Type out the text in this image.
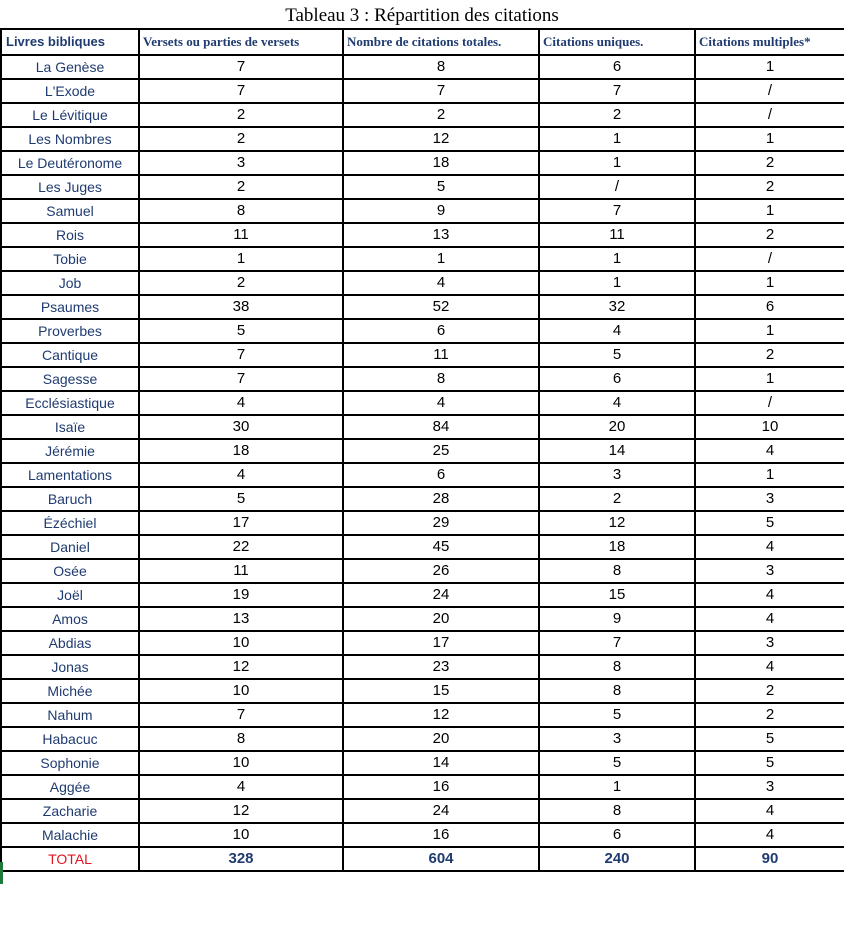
Tableau 3 : Répartition des citations
Livres bibliques	Versets ou parties de versets	Nombre de citations totales.	Citations uniques.	Citations multiples*
La Genèse	7	8	6	1
L'Exode	7	7	7	/
Le Lévitique	2	2	2	/
Les Nombres	2	12	1	1
Le Deutéronome	3	18	1	2
Les Juges	2	5	/	2
Samuel	8	9	7	1
Rois	11	13	11	2
Tobie	1	1	1	/
Job	2	4	1	1
Psaumes	38	52	32	6
Proverbes	5	6	4	1
Cantique	7	11	5	2
Sagesse	7	8	6	1
Ecclésiastique	4	4	4	/
Isaïe	30	84	20	10
Jérémie	18	25	14	4
Lamentations	4	6	3	1
Baruch	5	28	2	3
Ézéchiel	17	29	12	5
Daniel	22	45	18	4
Osée	11	26	8	3
Joël	19	24	15	4
Amos	13	20	9	4
Abdias	10	17	7	3
Jonas	12	23	8	4
Michée	10	15	8	2
Nahum	7	12	5	2
Habacuc	8	20	3	5
Sophonie	10	14	5	5
Aggée	4	16	1	3
Zacharie	12	24	8	4
Malachie	10	16	6	4
TOTAL	328	604	240	90
